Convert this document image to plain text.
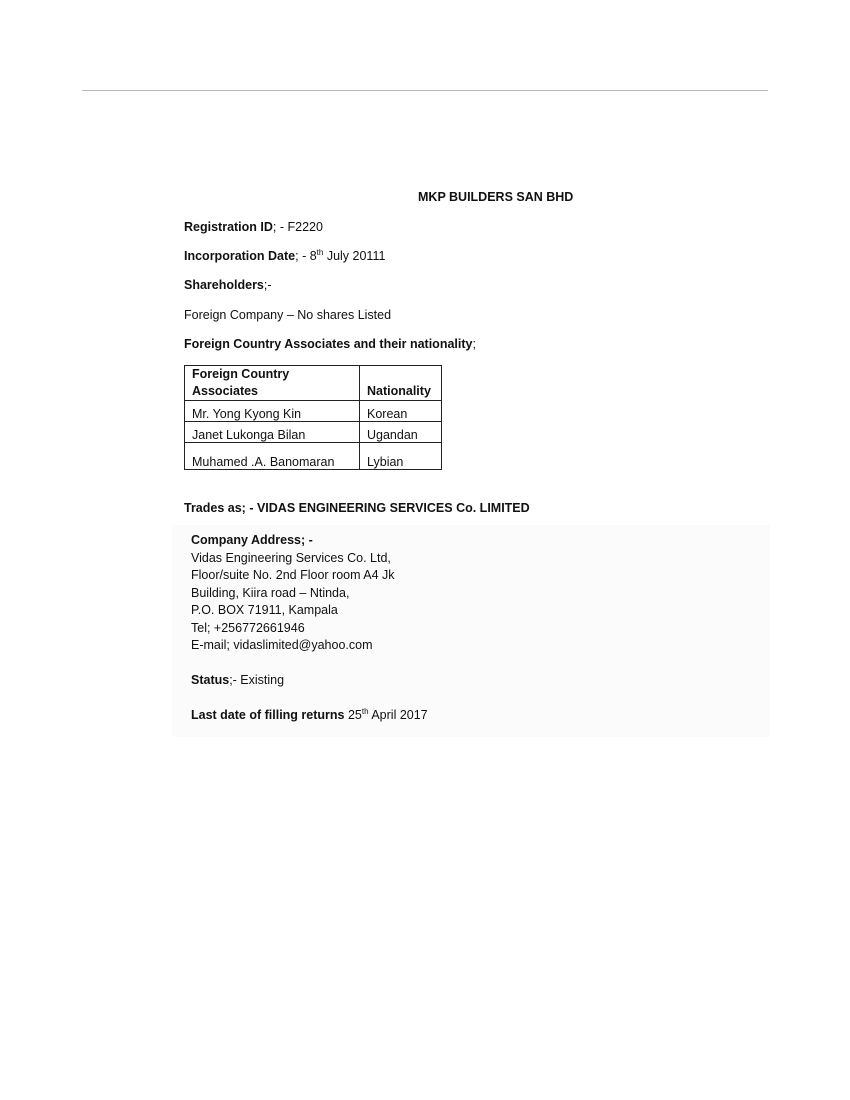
MKP BUILDERS SAN BHD
Registration ID; - F2220
Incorporation Date; - 8th July 20111
Shareholders;-
Foreign Company – No shares Listed
Foreign Country Associates and their nationality;
Foreign Country Associates	Nationality
Mr. Yong Kyong Kin	Korean
Janet Lukonga Bilan	Ugandan
Muhamed .A. Banomaran	Lybian
Trades as; - VIDAS ENGINEERING SERVICES Co. LIMITED
Company Address; -
Vidas Engineering Services Co. Ltd,
Floor/suite No. 2nd Floor room A4 Jk
Building, Kiira road – Ntinda,
P.O. BOX 71911, Kampala
Tel; +256772661946
E-mail; vidaslimited@yahoo.com
Status;- Existing
Last date of filling returns 25th April 2017
